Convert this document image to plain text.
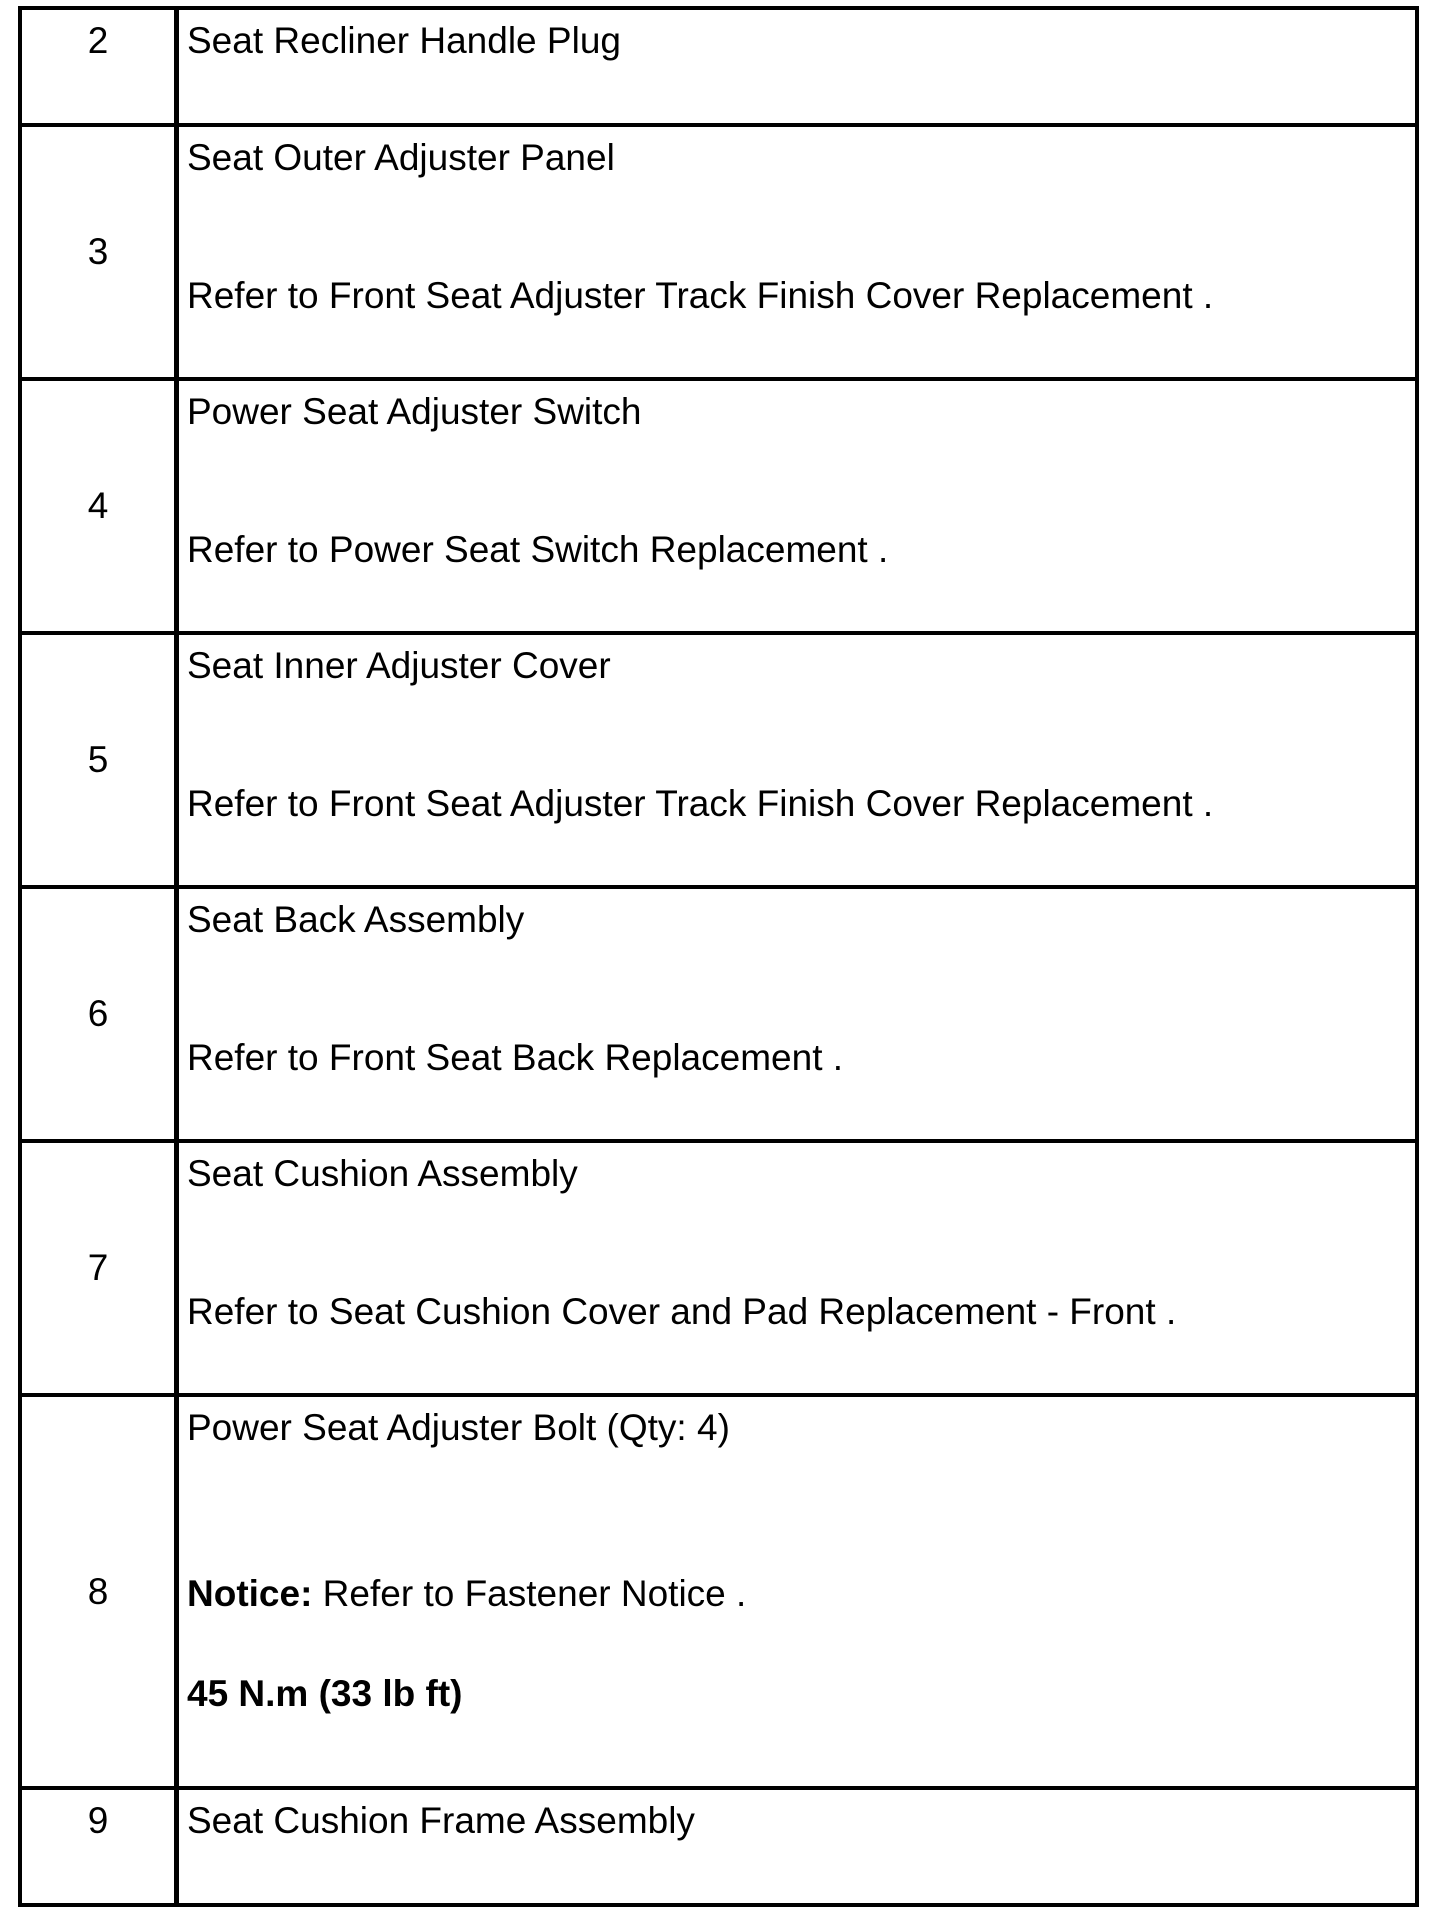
2	Seat Recliner Handle Plug

3	Seat Outer Adjuster Panel
Refer to Front Seat Adjuster Track Finish Cover Replacement .

4	Power Seat Adjuster Switch
Refer to Power Seat Switch Replacement .

5	Seat Inner Adjuster Cover
Refer to Front Seat Adjuster Track Finish Cover Replacement .

6	Seat Back Assembly
Refer to Front Seat Back Replacement .

7	Seat Cushion Assembly
Refer to Seat Cushion Cover and Pad Replacement - Front .

8	Power Seat Adjuster Bolt (Qty: 4)
Notice: Refer to Fastener Notice .
45 N.m (33 lb ft)

9	Seat Cushion Frame Assembly
